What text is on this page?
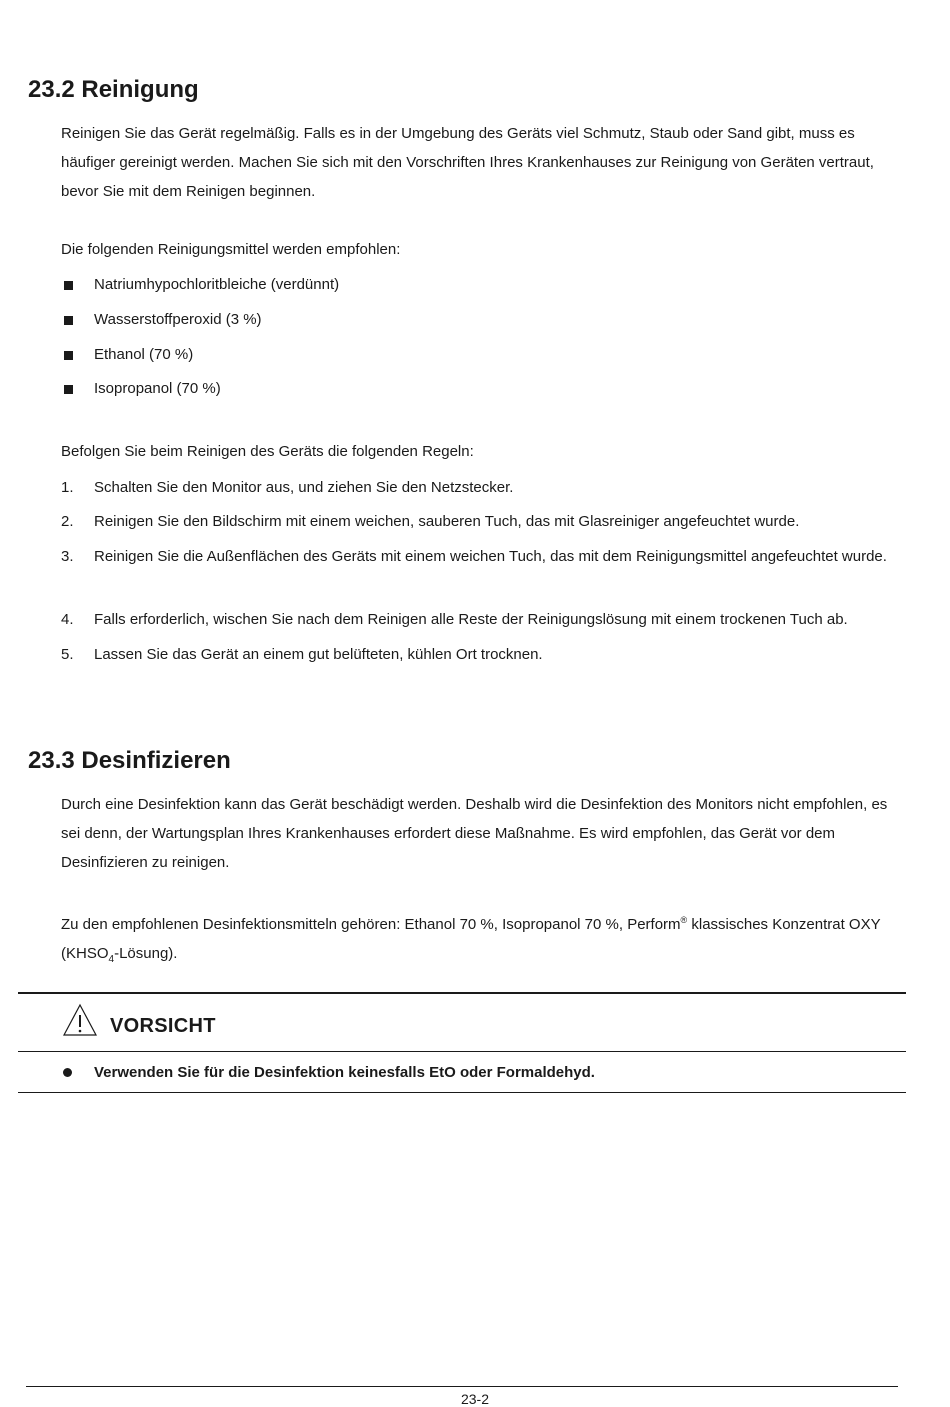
23.2 Reinigung

Reinigen Sie das Gerät regelmäßig. Falls es in der Umgebung des Geräts viel Schmutz, Staub oder Sand gibt, muss es häufiger gereinigt werden. Machen Sie sich mit den Vorschriften Ihres Krankenhauses zur Reinigung von Geräten vertraut, bevor Sie mit dem Reinigen beginnen.

Die folgenden Reinigungsmittel werden empfohlen:

Natriumhypochloritbleiche (verdünnt)
Wasserstoffperoxid (3 %)
Ethanol (70 %)
Isopropanol (70 %)

Befolgen Sie beim Reinigen des Geräts die folgenden Regeln:

1. Schalten Sie den Monitor aus, und ziehen Sie den Netzstecker.
2. Reinigen Sie den Bildschirm mit einem weichen, sauberen Tuch, das mit Glasreiniger angefeuchtet wurde.
3. Reinigen Sie die Außenflächen des Geräts mit einem weichen Tuch, das mit dem Reinigungsmittel angefeuchtet wurde.
4. Falls erforderlich, wischen Sie nach dem Reinigen alle Reste der Reinigungslösung mit einem trockenen Tuch ab.
5. Lassen Sie das Gerät an einem gut belüfteten, kühlen Ort trocknen.
23.3 Desinfizieren

Durch eine Desinfektion kann das Gerät beschädigt werden. Deshalb wird die Desinfektion des Monitors nicht empfohlen, es sei denn, der Wartungsplan Ihres Krankenhauses erfordert diese Maßnahme. Es wird empfohlen, das Gerät vor dem Desinfizieren zu reinigen.

Zu den empfohlenen Desinfektionsmitteln gehören: Ethanol 70 %, Isopropanol 70 %, Perform® klassisches Konzentrat OXY $(KHSO_4-Lösung)$.

VORSICHT
Verwenden Sie für die Desinfektion keinesfalls EtO oder Formaldehyd.
23-2
